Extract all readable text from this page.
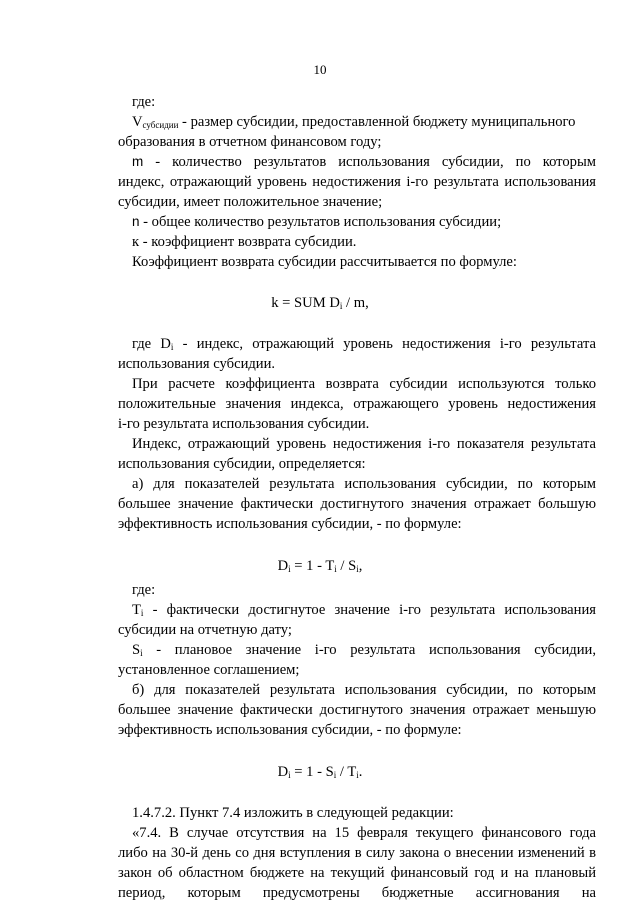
10
где:
$V_{субсидии}$ - размер субсидии, предоставленной бюджету муниципального
образования в отчетном финансовом году;
m - количество результатов использования субсидии, по которым
индекс, отражающий уровень недостижения i-го результата использования
субсидии, имеет положительное значение;
n - общее количество результатов использования субсидии;
к - коэффициент возврата субсидии.
Коэффициент возврата субсидии рассчитывается по формуле:
k = SUM $D_i$ / m,
где $D_i$ - индекс, отражающий уровень недостижения i-го результата
использования субсидии.
При расчете коэффициента возврата субсидии используются только
положительные значения индекса, отражающего уровень недостижения
i-го результата использования субсидии.
Индекс, отражающий уровень недостижения i-го показателя результата
использования субсидии, определяется:
а) для показателей результата использования субсидии, по которым
большее значение фактически достигнутого значения отражает большую
эффективность использования субсидии, - по формуле:
$D_i = 1 - T_i / S_i$,
где:
$T_i$ - фактически достигнутое значение i-го результата использования
субсидии на отчетную дату;
$S_i$ - плановое значение i-го результата использования субсидии,
установленное соглашением;
б) для показателей результата использования субсидии, по которым
большее значение фактически достигнутого значения отражает меньшую
эффективность использования субсидии, - по формуле:
$D_i = 1 - S_i / T_i$.
1.4.7.2. Пункт 7.4 изложить в следующей редакции:
«7.4. В случае отсутствия на 15 февраля текущего финансового года
либо на 30-й день со дня вступления в силу закона о внесении изменений в
закон об областном бюджете на текущий финансовый год и на плановый
период, которым предусмотрены бюджетные ассигнования на
